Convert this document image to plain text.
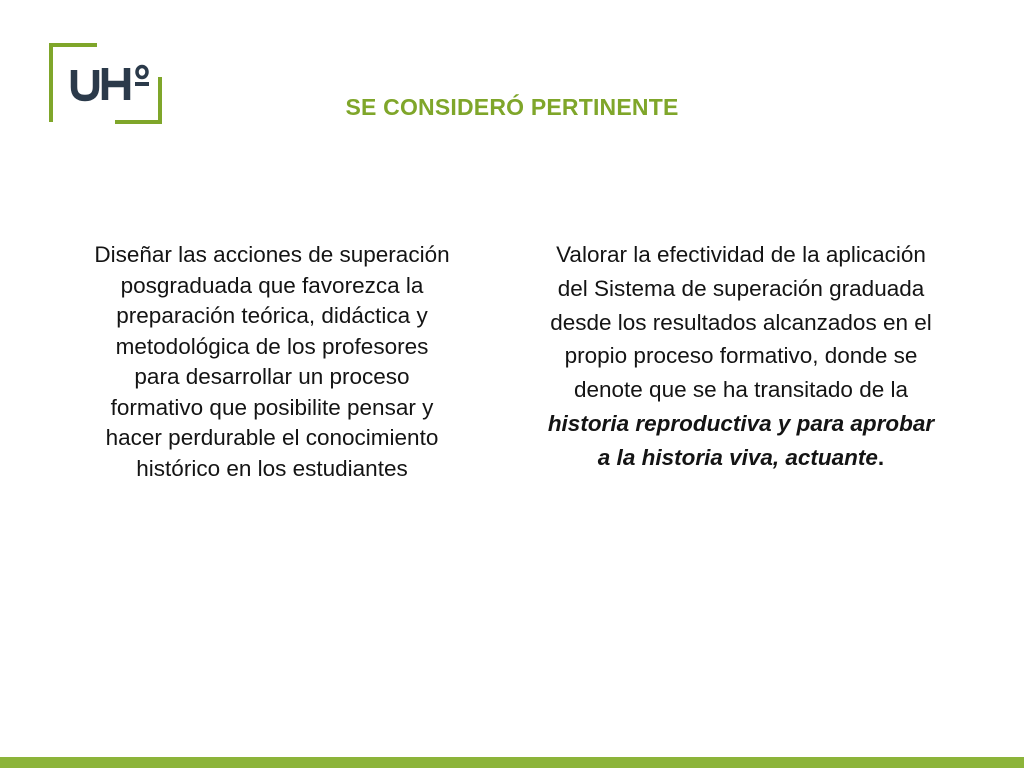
SE CONSIDERÓ PERTINENTE

Diseñar las acciones de superación posgraduada que favorezca la preparación teórica, didáctica y metodológica de los profesores para desarrollar un proceso formativo que posibilite pensar y hacer perdurable el conocimiento histórico en los estudiantes

Valorar la efectividad de la aplicación del Sistema de superación graduada desde los resultados alcanzados en el propio proceso formativo, donde se denote que se ha transitado de la historia reproductiva y para aprobar a la historia viva, actuante.
